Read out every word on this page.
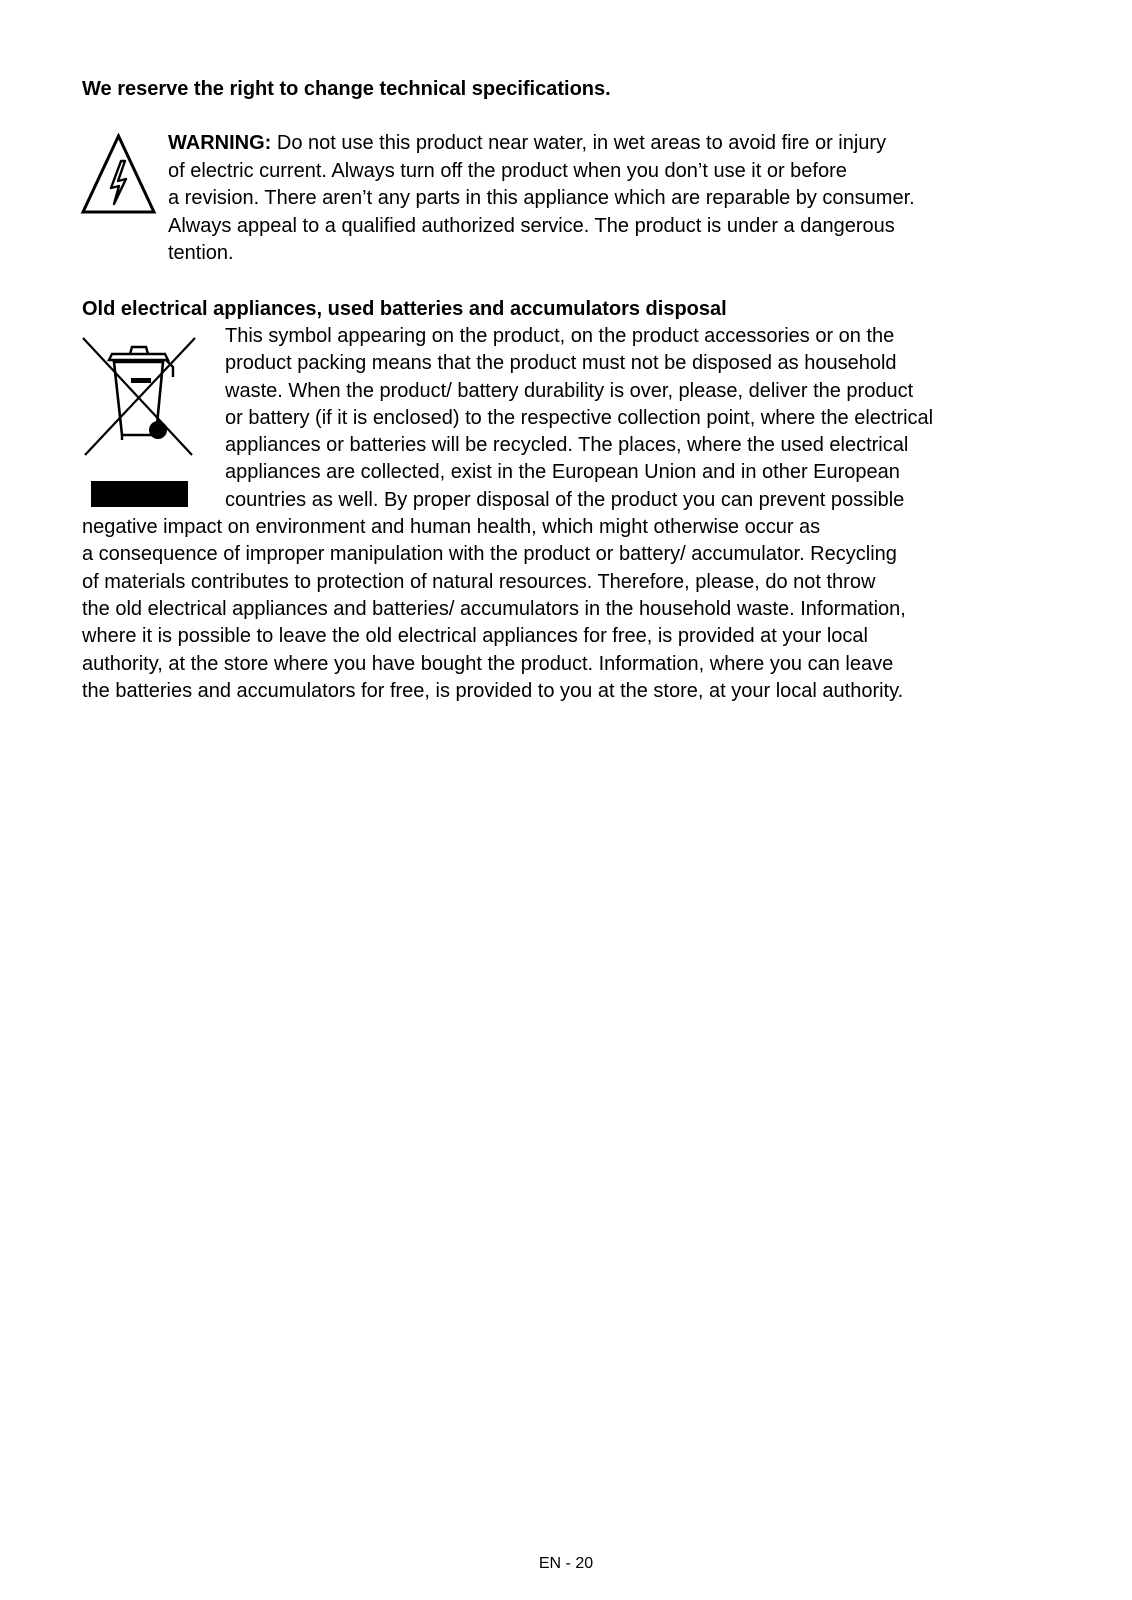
We reserve the right to change technical specifications.
WARNING: Do not use this product near water, in wet areas to avoid fire or injury
of electric current. Always turn off the product when you don’t use it or before
a revision. There aren’t any parts in this appliance which are reparable by consumer.
Always appeal to a qualified authorized service. The product is under a dangerous
tention.
Old electrical appliances, used batteries and accumulators disposal
This symbol appearing on the product, on the product accessories or on the
product packing means that the product must not be disposed as household
waste. When the product/ battery durability is over, please, deliver the product
or battery (if it is enclosed) to the respective collection point, where the electrical
appliances or batteries will be recycled. The places, where the used electrical
appliances are collected, exist in the European Union and in other European
countries as well. By proper disposal of the product you can prevent possible
negative impact on environment and human health, which might otherwise occur as
a consequence of improper manipulation with the product or battery/ accumulator. Recycling
of materials contributes to protection of natural resources. Therefore, please, do not throw
the old electrical appliances and batteries/ accumulators in the household waste. Information,
where it is possible to leave the old electrical appliances for free, is provided at your local
authority, at the store where you have bought the product. Information, where you can leave
the batteries and accumulators for free, is provided to you at the store, at your local authority.
EN - 20
